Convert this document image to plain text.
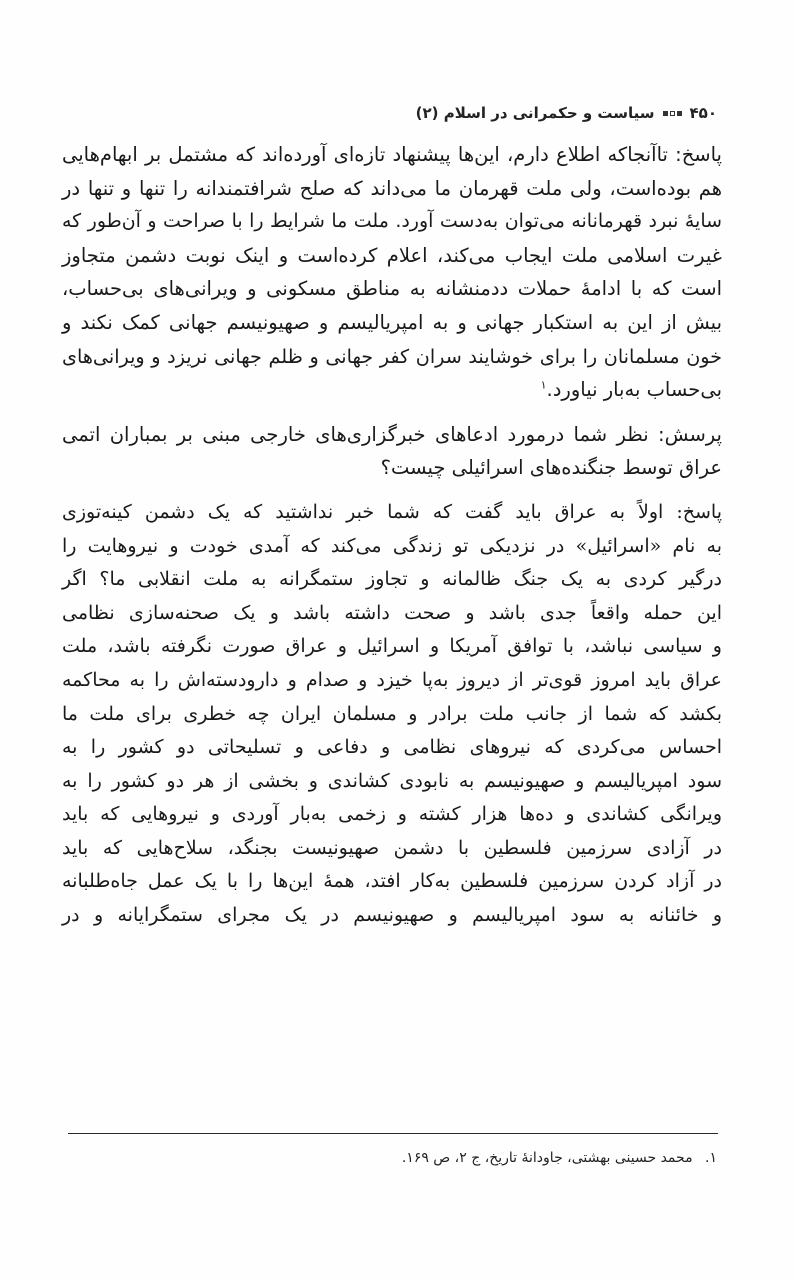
۴۵۰
سیاست و حکمرانی در اسلام (۲)

پاسخ: تاآنجاکه اطلاع دارم، این‌ها پیشنهاد تازه‌ای آورده‌اند که مشتمل بر ابهام‌هایی
هم بوده‌است، ولی ملت قهرمان ما می‌داند که صلح شرافتمندانه را تنها و تنها در
سایهٔ نبرد قهرمانانه می‌توان به‌دست آورد. ملت ما شرایط را با صراحت و آن‌طور که
غیرت اسلامی ملت ایجاب می‌کند، اعلام کرده‌است و اینک نوبت دشمن متجاوز
است که با ادامهٔ حملات ددمنشانه به مناطق مسکونی و ویرانی‌های بی‌حساب،
بیش از این به استکبار جهانی و به امپریالیسم و صهیونیسم جهانی کمک نکند و
خون مسلمانان را برای خوشایند سران کفر جهانی و ظلم جهانی نریزد و ویرانی‌های
بی‌حساب به‌بار نیاورد.$^۱$

پرسش: نظر شما درمورد ادعاهای خبرگزاری‌های خارجی مبنی بر بمباران اتمی
عراق توسط جنگنده‌های اسرائیلی چیست؟

پاسخ: اولاً به عراق باید گفت که شما خبر نداشتید که یک دشمن کینه‌توزی
به نام «اسرائیل» در نزدیکی تو زندگی می‌کند که آمدی خودت و نیروهایت را
درگیر کردی به یک جنگ ظالمانه و تجاوز ستمگرانه به ملت انقلابی ما؟ اگر
این حمله واقعاً جدی باشد و صحت داشته باشد و یک صحنه‌سازی نظامی
و سیاسی نباشد، با توافق آمریکا و اسرائیل و عراق صورت نگرفته باشد، ملت
عراق باید امروز قوی‌تر از دیروز به‌پا خیزد و صدام و دارودسته‌اش را به محاکمه
بکشد که شما از جانب ملت برادر و مسلمان ایران چه خطری برای ملت ما
احساس می‌کردی که نیروهای نظامی و دفاعی و تسلیحاتی دو کشور را به
سود امپریالیسم و صهیونیسم به نابودی کشاندی و بخشی از هر دو کشور را به
ویرانگی کشاندی و ده‌ها هزار کشته و زخمی به‌بار آوردی و نیروهایی که باید
در آزادی سرزمین فلسطین با دشمن صهیونیست بجنگد، سلاح‌هایی که باید
در آزاد کردن سرزمین فلسطین به‌کار افتد، همهٔ این‌ها را با یک عمل جاه‌طلبانه
و خائنانه به سود امپریالیسم و صهیونیسم در یک مجرای ستمگرایانه و در

۱. محمد حسینی بهشتی، جاودانهٔ تاریخ، ج ۲، ص ۱۶۹.
